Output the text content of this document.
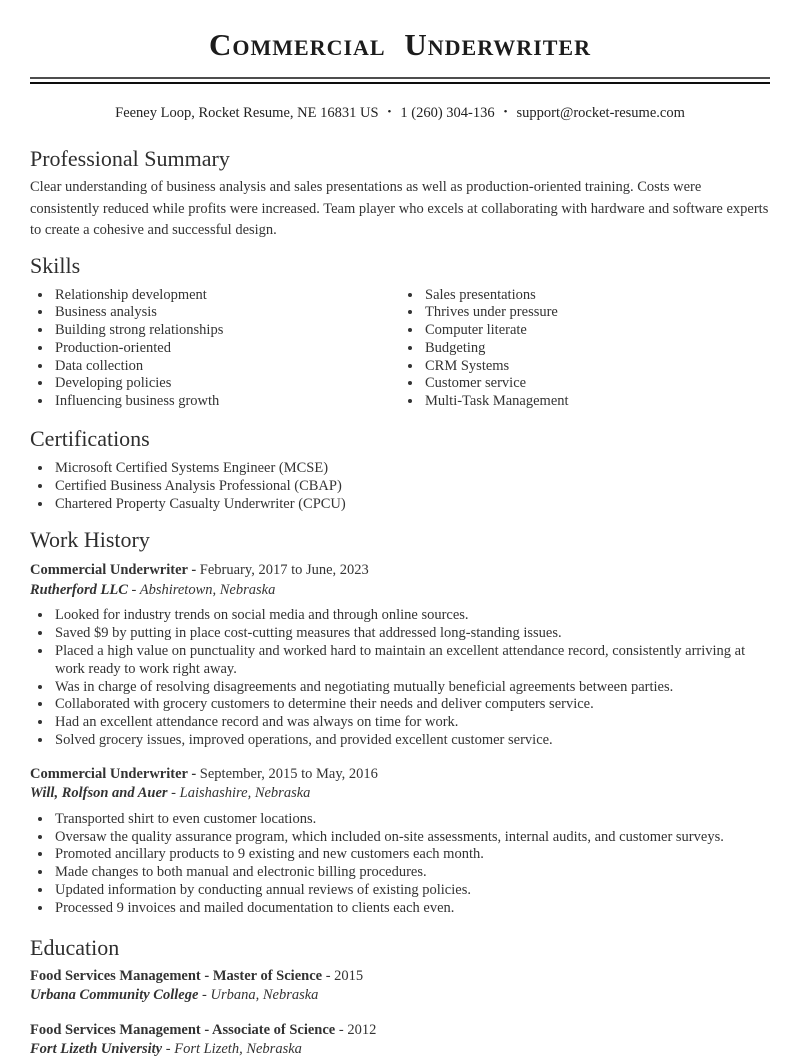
Commercial Underwriter
Feeney Loop, Rocket Resume, NE 16831 US • 1 (260) 304-136 • support@rocket-resume.com
Professional Summary

Clear understanding of business analysis and sales presentations as well as production-oriented training. Costs were consistently reduced while profits were increased. Team player who excels at collaborating with hardware and software experts to create a cohesive and successful design.

Skills
• Relationship development
• Business analysis
• Building strong relationships
• Production-oriented
• Data collection
• Developing policies
• Influencing business growth
• Sales presentations
• Thrives under pressure
• Computer literate
• Budgeting
• CRM Systems
• Customer service
• Multi-Task Management
Certifications
• Microsoft Certified Systems Engineer (MCSE)
• Certified Business Analysis Professional (CBAP)
• Chartered Property Casualty Underwriter (CPCU)
Work History
Commercial Underwriter - February, 2017 to June, 2023
Rutherford LLC - Abshiretown, Nebraska
• Looked for industry trends on social media and through online sources.
• Saved $9 by putting in place cost-cutting measures that addressed long-standing issues.
• Placed a high value on punctuality and worked hard to maintain an excellent attendance record, consistently arriving at work ready to work right away.
• Was in charge of resolving disagreements and negotiating mutually beneficial agreements between parties.
• Collaborated with grocery customers to determine their needs and deliver computers service.
• Had an excellent attendance record and was always on time for work.
• Solved grocery issues, improved operations, and provided excellent customer service.
Commercial Underwriter - September, 2015 to May, 2016
Will, Rolfson and Auer - Laishashire, Nebraska
• Transported shirt to even customer locations.
• Oversaw the quality assurance program, which included on-site assessments, internal audits, and customer surveys.
• Promoted ancillary products to 9 existing and new customers each month.
• Made changes to both manual and electronic billing procedures.
• Updated information by conducting annual reviews of existing policies.
• Processed 9 invoices and mailed documentation to clients each even.
Education
Food Services Management - Master of Science - 2015
Urbana Community College - Urbana, Nebraska
Food Services Management - Associate of Science - 2012
Fort Lizeth University - Fort Lizeth, Nebraska
